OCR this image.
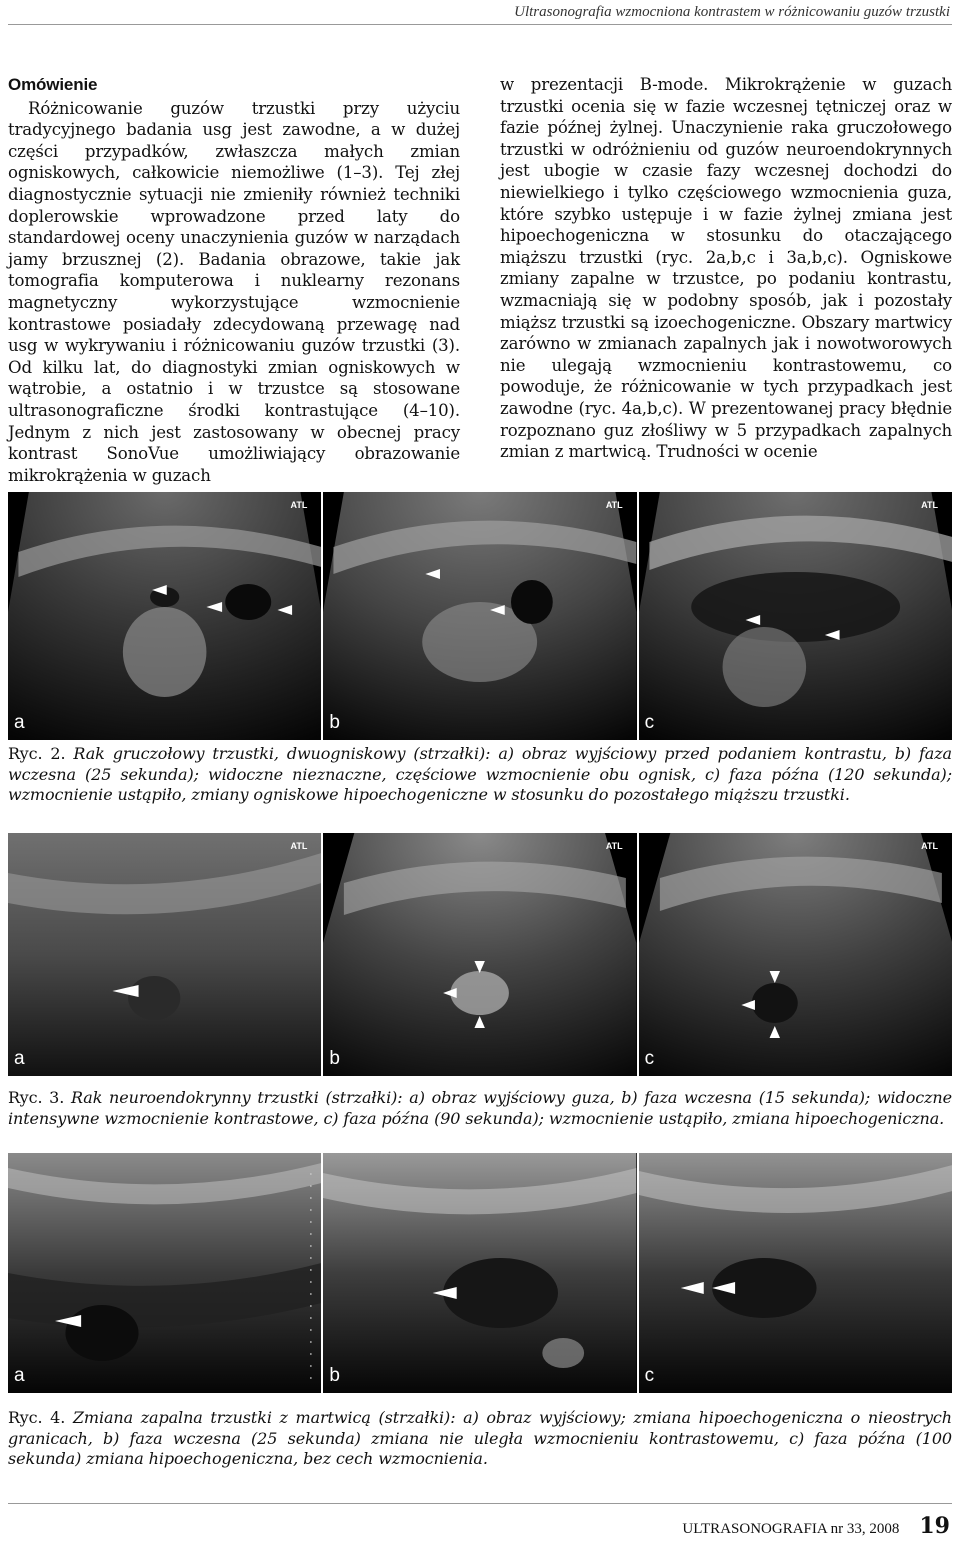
Ultrasonografia wzmocniona kontrastem w różnicowaniu guzów trzustki
Omówienie

Różnicowanie guzów trzustki przy użyciu tradycyjnego badania usg jest zawodne, a w dużej części przypadków, zwłaszcza małych zmian ogniskowych, całkowicie niemożliwe (1–3). Tej złej diagnostycznie sytuacji nie zmieniły również techniki doplerowskie wprowadzone przed laty do standardowej oceny unaczynienia guzów w narządach jamy brzusznej (2). Badania obrazowe, takie jak tomografia komputerowa i nuklearny rezonans magnetyczny wykorzystujące wzmocnienie kontrastowe posiadały zdecydowaną przewagę nad usg w wykrywaniu i różnicowaniu guzów trzustki (3). Od kilku lat, do diagnostyki zmian ogniskowych w wątrobie, a ostatnio i w trzustce są stosowane ultrasonograficzne środki kontrastujące (4–10). Jednym z nich jest zastosowany w obecnej pracy kontrast SonoVue umożliwiający obrazowanie mikrokrążenia w guzach

w prezentacji B-mode. Mikrokrążenie w guzach trzustki ocenia się w fazie wczesnej tętniczej oraz w fazie późnej żylnej. Unaczynienie raka gruczołowego trzustki w odróżnieniu od guzów neuroendokrynnych jest ubogie w czasie fazy wczesnej dochodzi do niewielkiego i tylko częściowego wzmocnienia guza, które szybko ustępuje i w fazie żylnej zmiana jest hipoechogeniczna w stosunku do otaczającego miąższu trzustki (ryc. 2a,b,c i 3a,b,c). Ogniskowe zmiany zapalne w trzustce, po podaniu kontrastu, wzmacniają się w podobny sposób, jak i pozostały miąższ trzustki są izoechogeniczne. Obszary martwicy zarówno w zmianach zapalnych jak i nowotworowych nie ulegają wzmocnieniu kontrastowemu, co powoduje, że różnicowanie w tych przypadkach jest zawodne (ryc. 4a,b,c). W prezentowanej pracy błędnie rozpoznano guz złośliwy w 5 przypadkach zapalnych zmian z martwicą. Trudności w ocenie

ATL
a
ATL
b
ATL
c
Ryc. 2. Rak gruczołowy trzustki, dwuogniskowy (strzałki): a) obraz wyjściowy przed podaniem kontrastu, b) faza wczesna (25 sekunda); widoczne nieznaczne, częściowe wzmocnienie obu ognisk, c) faza późna (120 sekunda); wzmocnienie ustąpiło, zmiany ogniskowe hipoechogeniczne w stosunku do pozostałego miąższu trzustki.
ATL
a
ATL
b
ATL
c
Ryc. 3. Rak neuroendokrynny trzustki (strzałki): a) obraz wyjściowy guza, b) faza wczesna (15 sekunda); widoczne intensywne wzmocnienie kontrastowe, c) faza późna (90 sekunda); wzmocnienie ustąpiło, zmiana hipoechogeniczna.
a	b	c
Ryc. 4. Zmiana zapalna trzustki z martwicą (strzałki): a) obraz wyjściowy; zmiana hipoechogeniczna o nieostrych granicach, b) faza wczesna (25 sekunda) zmiana nie uległa wzmocnieniu kontrastowemu, c) faza późna (100 sekunda) zmiana hipoechogeniczna, bez cech wzmocnienia.
ULTRASONOGRAFIA nr 33, 2008 19
